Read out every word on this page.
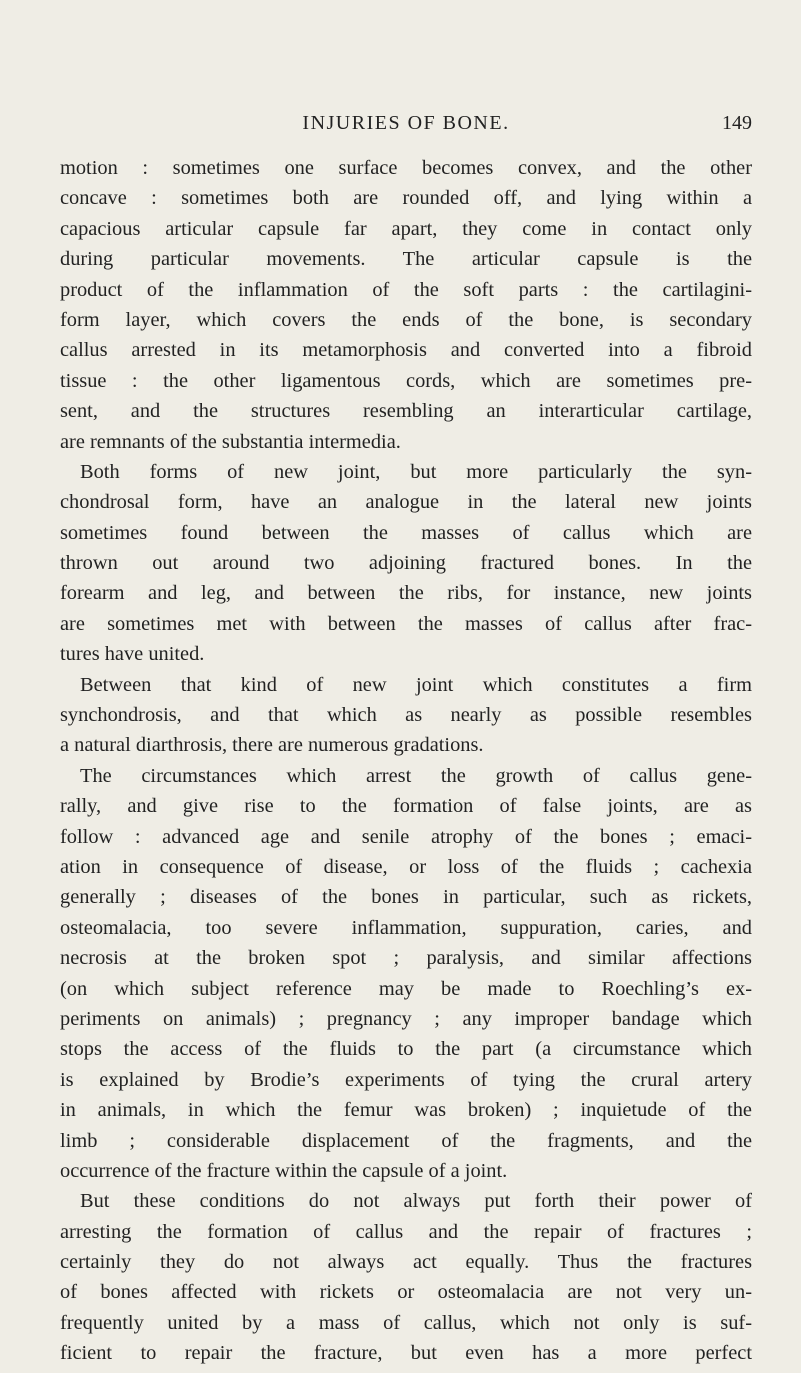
INJURIES OF BONE.	149
motion : sometimes one surface becomes convex, and the other
concave : sometimes both are rounded off, and lying within a
capacious articular capsule far apart, they come in contact only
during particular movements. The articular capsule is the
product of the inflammation of the soft parts : the cartilagini-
form layer, which covers the ends of the bone, is secondary
callus arrested in its metamorphosis and converted into a fibroid
tissue : the other ligamentous cords, which are sometimes pre-
sent, and the structures resembling an interarticular cartilage,
are remnants of the substantia intermedia.
Both forms of new joint, but more particularly the syn-
chondrosal form, have an analogue in the lateral new joints
sometimes found between the masses of callus which are
thrown out around two adjoining fractured bones. In the
forearm and leg, and between the ribs, for instance, new joints
are sometimes met with between the masses of callus after frac-
tures have united.
Between that kind of new joint which constitutes a firm
synchondrosis, and that which as nearly as possible resembles
a natural diarthrosis, there are numerous gradations.
The circumstances which arrest the growth of callus gene-
rally, and give rise to the formation of false joints, are as
follow : advanced age and senile atrophy of the bones ; emaci-
ation in consequence of disease, or loss of the fluids ; cachexia
generally ; diseases of the bones in particular, such as rickets,
osteomalacia, too severe inflammation, suppuration, caries, and
necrosis at the broken spot ; paralysis, and similar affections
(on which subject reference may be made to Roechling’s ex-
periments on animals) ; pregnancy ; any improper bandage which
stops the access of the fluids to the part (a circumstance which
is explained by Brodie’s experiments of tying the crural artery
in animals, in which the femur was broken) ; inquietude of the
limb ; considerable displacement of the fragments, and the
occurrence of the fracture within the capsule of a joint.
But these conditions do not always put forth their power of
arresting the formation of callus and the repair of fractures ;
certainly they do not always act equally. Thus the fractures
of bones affected with rickets or osteomalacia are not very un-
frequently united by a mass of callus, which not only is suf-
ficient to repair the fracture, but even has a more perfect
